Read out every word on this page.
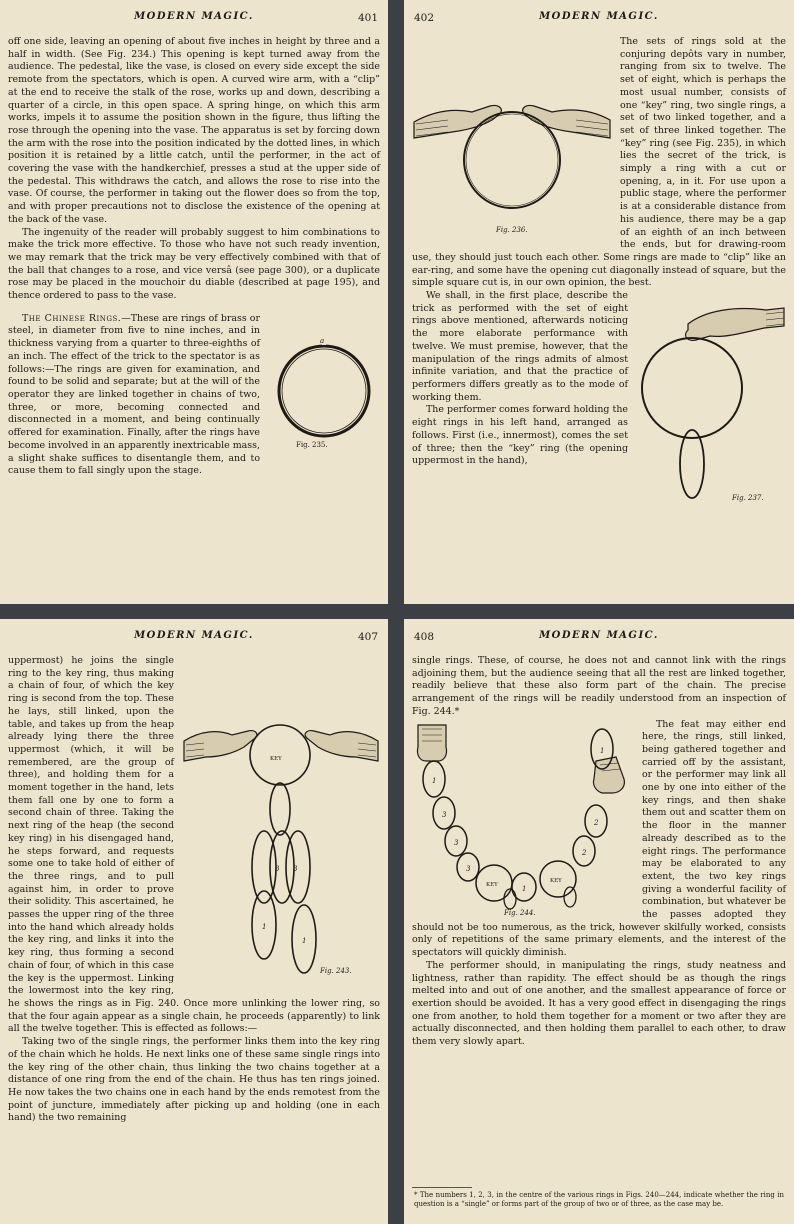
MODERN MAGIC.	401

off one side, leaving an opening of about five inches in height by three and a half in width. (See Fig. 234.) This opening is kept turned away from the audience. The pedestal, like the vase, is closed on every side except the side remote from the spectators, which is open. A curved wire arm, with a “clip” at the end to receive the stalk of the rose, works up and down, describing a quarter of a circle, in this open space. A spring hinge, on which this arm works, impels it to assume the position shown in the figure, thus lifting the rose through the opening into the vase. The apparatus is set by forcing down the arm with the rose into the position indicated by the dotted lines, in which position it is retained by a little catch, until the performer, in the act of covering the vase with the handkerchief, presses a stud at the upper side of the pedestal. This withdraws the catch, and allows the rose to rise into the vase. Of course, the performer in taking out the flower does so from the top, and with proper precautions not to disclose the existence of the opening at the back of the vase.

The ingenuity of the reader will probably suggest to him combinations to make the trick more effective. To those who have not such ready invention, we may remark that the trick may be very effectively combined with that of the ball that changes to a rose, and vice versâ (see page 300), or a duplicate rose may be placed in the mouchoir du diable (described at page 195), and thence ordered to pass to the vase.

a
Fig. 235.

The Chinese Rings.—These are rings of brass or steel, in diameter from five to nine inches, and in thickness varying from a quarter to three-eighths of an inch. The effect of the trick to the spectator is as follows:—The rings are given for examination, and found to be solid and separate; but at the will of the operator they are linked together in chains of two, three, or more, becoming connected and disconnected in a moment, and being continually offered for examination. Finally, after the rings have become involved in an apparently inextricable mass, a slight shake suffices to disentangle them, and to cause them to fall singly upon the stage.

402	MODERN MAGIC.
Fig. 236.

The sets of rings sold at the conjuring depôts vary in number, ranging from six to twelve. The set of eight, which is perhaps the most usual number, consists of one “key” ring, two single rings, a set of two linked together, and a set of three linked together. The “key” ring (see Fig. 235), in which lies the secret of the trick, is simply a ring with a cut or opening, a, in it. For use upon a public stage, where the performer is at a considerable distance from his audience, there may be a gap of an eighth of an inch between the ends, but for drawing-room use, they should just touch each other. Some rings are made to “clip” like an ear-ring, and some have the opening cut diagonally instead of square, but the simple square cut is, in our own opinion, the best.

Fig. 237.

We shall, in the first place, describe the trick as performed with the set of eight rings above mentioned, afterwards noticing the more elaborate performance with twelve. We must premise, however, that the manipulation of the rings admits of almost infinite variation, and that the practice of performers differs greatly as to the mode of working them.

The performer comes forward holding the eight rings in his left hand, arranged as follows. First (i.e., innermost), comes the set of three; then the “key” ring (the opening uppermost in the hand),

MODERN MAGIC.	407
KEY
3 3
1
1
Fig. 243.

uppermost) he joins the single ring to the key ring, thus making a chain of four, of which the key ring is second from the top. These he lays, still linked, upon the table, and takes up from the heap already lying there the three uppermost (which, it will be remembered, are the group of three), and holding them for a moment together in the hand, lets them fall one by one to form a second chain of three. Taking the next ring of the heap (the second key ring) in his disengaged hand, he steps forward, and requests some one to take hold of either of the three rings, and to pull against him, in order to prove their solidity. This ascertained, he passes the upper ring of the three into the hand which already holds the key ring, and links it into the key ring, thus forming a second chain of four, of which in this case the key is the uppermost. Linking the lowermost into the key ring, he shows the rings as in Fig. 240. Once more unlinking the lower ring, so that the four again appear as a single chain, he proceeds (apparently) to link all the twelve together. This is effected as follows:—

Taking two of the single rings, the performer links them into the key ring of the chain which he holds. He next links one of these same single rings into the key ring of the other chain, thus linking the two chains together at a distance of one ring from the end of the chain. He thus has ten rings joined. He now takes the two chains one in each hand by the ends remotest from the point of juncture, immediately after picking up and holding (one in each hand) the two remaining

408	MODERN MAGIC.

single rings. These, of course, he does not and cannot link with the rings adjoining them, but the audience seeing that all the rest are linked together, readily believe that these also form part of the chain. The precise arrangement of the rings will be readily understood from an inspection of Fig. 244.*

KEY
KEY
1
3
3
3
1
2
2
1
Fig. 244.

The feat may either end here, the rings, still linked, being gathered together and carried off by the assistant, or the performer may link all one by one into either of the key rings, and then shake them out and scatter them on the floor in the manner already described as to the eight rings. The performance may be elaborated to any extent, the two key rings giving a wonderful facility of combination, but whatever be the passes adopted they should not be too numerous, as the trick, however skilfully worked, consists only of repetitions of the same primary elements, and the interest of the spectators will quickly diminish.

The performer should, in manipulating the rings, study neatness and lightness, rather than rapidity. The effect should be as though the rings melted into and out of one another, and the smallest appearance of force or exertion should be avoided. It has a very good effect in disengaging the rings one from another, to hold them together for a moment or two after they are actually disconnected, and then holding them parallel to each other, to draw them very slowly apart.

* The numbers 1, 2, 3, in the centre of the various rings in Figs. 240—244, indicate whether the ring in question is a “single” or forms part of the group of two or of three, as the case may be.
